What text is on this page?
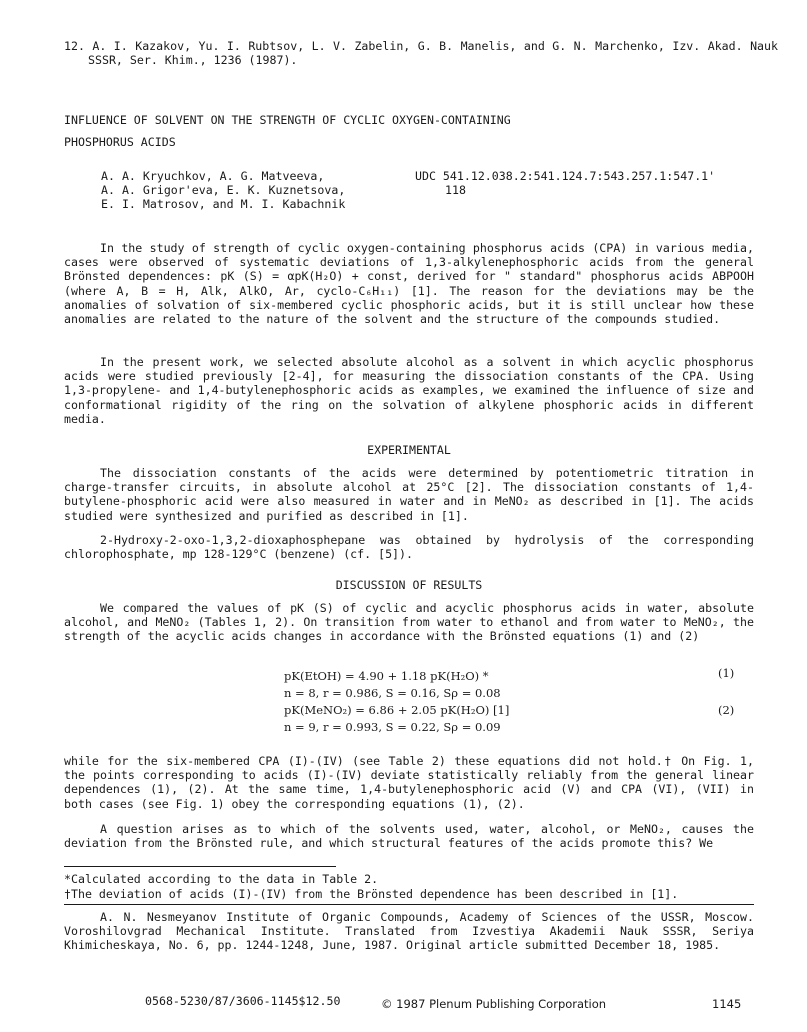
12. A. I. Kazakov, Yu. I. Rubtsov, L. V. Zabelin, G. B. Manelis, and G. N. Marchenko, Izv. Akad. Nauk SSSR, Ser. Khim., 1236 (1987).

INFLUENCE OF SOLVENT ON THE STRENGTH OF CYCLIC OXYGEN-CONTAINING

PHOSPHORUS ACIDS

A. A. Kryuchkov, A. G. Matveeva,
A. A. Grigor'eva, E. K. Kuznetsova,
E. I. Matrosov, and M. I. Kabachnik
UDC 541.12.038.2:541.124.7:543.257.1:547.1'
118

In the study of strength of cyclic oxygen-containing phosphorus acids (CPA) in various media, cases were observed of systematic deviations of 1,3-alkylenephosphoric acids from the general Brönsted dependences: pK (S) = αpK(H₂O) + const, derived for " standard" phosphorus acids ABPOOH (where A, B = H, Alk, AlkO, Ar, cyclo-C₆H₁₁) [1]. The reason for the deviations may be the anomalies of solvation of six-membered cyclic phosphoric acids, but it is still unclear how these anomalies are related to the nature of the solvent and the structure of the compounds studied.

In the present work, we selected absolute alcohol as a solvent in which acyclic phosphorus acids were studied previously [2-4], for measuring the dissociation constants of the CPA. Using 1,3-propylene- and 1,4-butylenephosphoric acids as examples, we examined the influence of size and conformational rigidity of the ring on the solvation of alkylene phosphoric acids in different media.

EXPERIMENTAL

The dissociation constants of the acids were determined by potentiometric titration in charge-transfer circuits, in absolute alcohol at 25°C [2]. The dissociation constants of 1,4-butylene-phosphoric acid were also measured in water and in MeNO₂ as described in [1]. The acids studied were synthesized and purified as described in [1].

2-Hydroxy-2-oxo-1,3,2-dioxaphosphepane was obtained by hydrolysis of the corresponding chlorophosphate, mp 128-129°C (benzene) (cf. [5]).

DISCUSSION OF RESULTS

We compared the values of pK (S) of cyclic and acyclic phosphorus acids in water, absolute alcohol, and MeNO₂ (Tables 1, 2). On transition from water to ethanol and from water to MeNO₂, the strength of the acyclic acids changes in accordance with the Brönsted equations (1) and (2)

pK(EtOH) = 4.90 + 1.18 pK(H₂O) *	(1)
n = 8, r = 0.986, S = 0.16, Sρ = 0.08
pK(MeNO₂) = 6.86 + 2.05 pK(H₂O) [1]	(2)
n = 9, r = 0.993, S = 0.22, Sρ = 0.09

while for the six-membered CPA (I)-(IV) (see Table 2) these equations did not hold.† On Fig. 1, the points corresponding to acids (I)-(IV) deviate statistically reliably from the general linear dependences (1), (2). At the same time, 1,4-butylenephosphoric acid (V) and CPA (VI), (VII) in both cases (see Fig. 1) obey the corresponding equations (1), (2).

A question arises as to which of the solvents used, water, alcohol, or MeNO₂, causes the deviation from the Brönsted rule, and which structural features of the acids promote this? We

*Calculated according to the data in Table 2.

†The deviation of acids (I)-(IV) from the Brönsted dependence has been described in [1].

A. N. Nesmeyanov Institute of Organic Compounds, Academy of Sciences of the USSR, Moscow. Voroshilovgrad Mechanical Institute. Translated from Izvestiya Akademii Nauk SSSR, Seriya Khimicheskaya, No. 6, pp. 1244-1248, June, 1987. Original article submitted December 18, 1985.

0568-5230/87/3606-1145$12.50	© 1987 Plenum Publishing Corporation	1145
